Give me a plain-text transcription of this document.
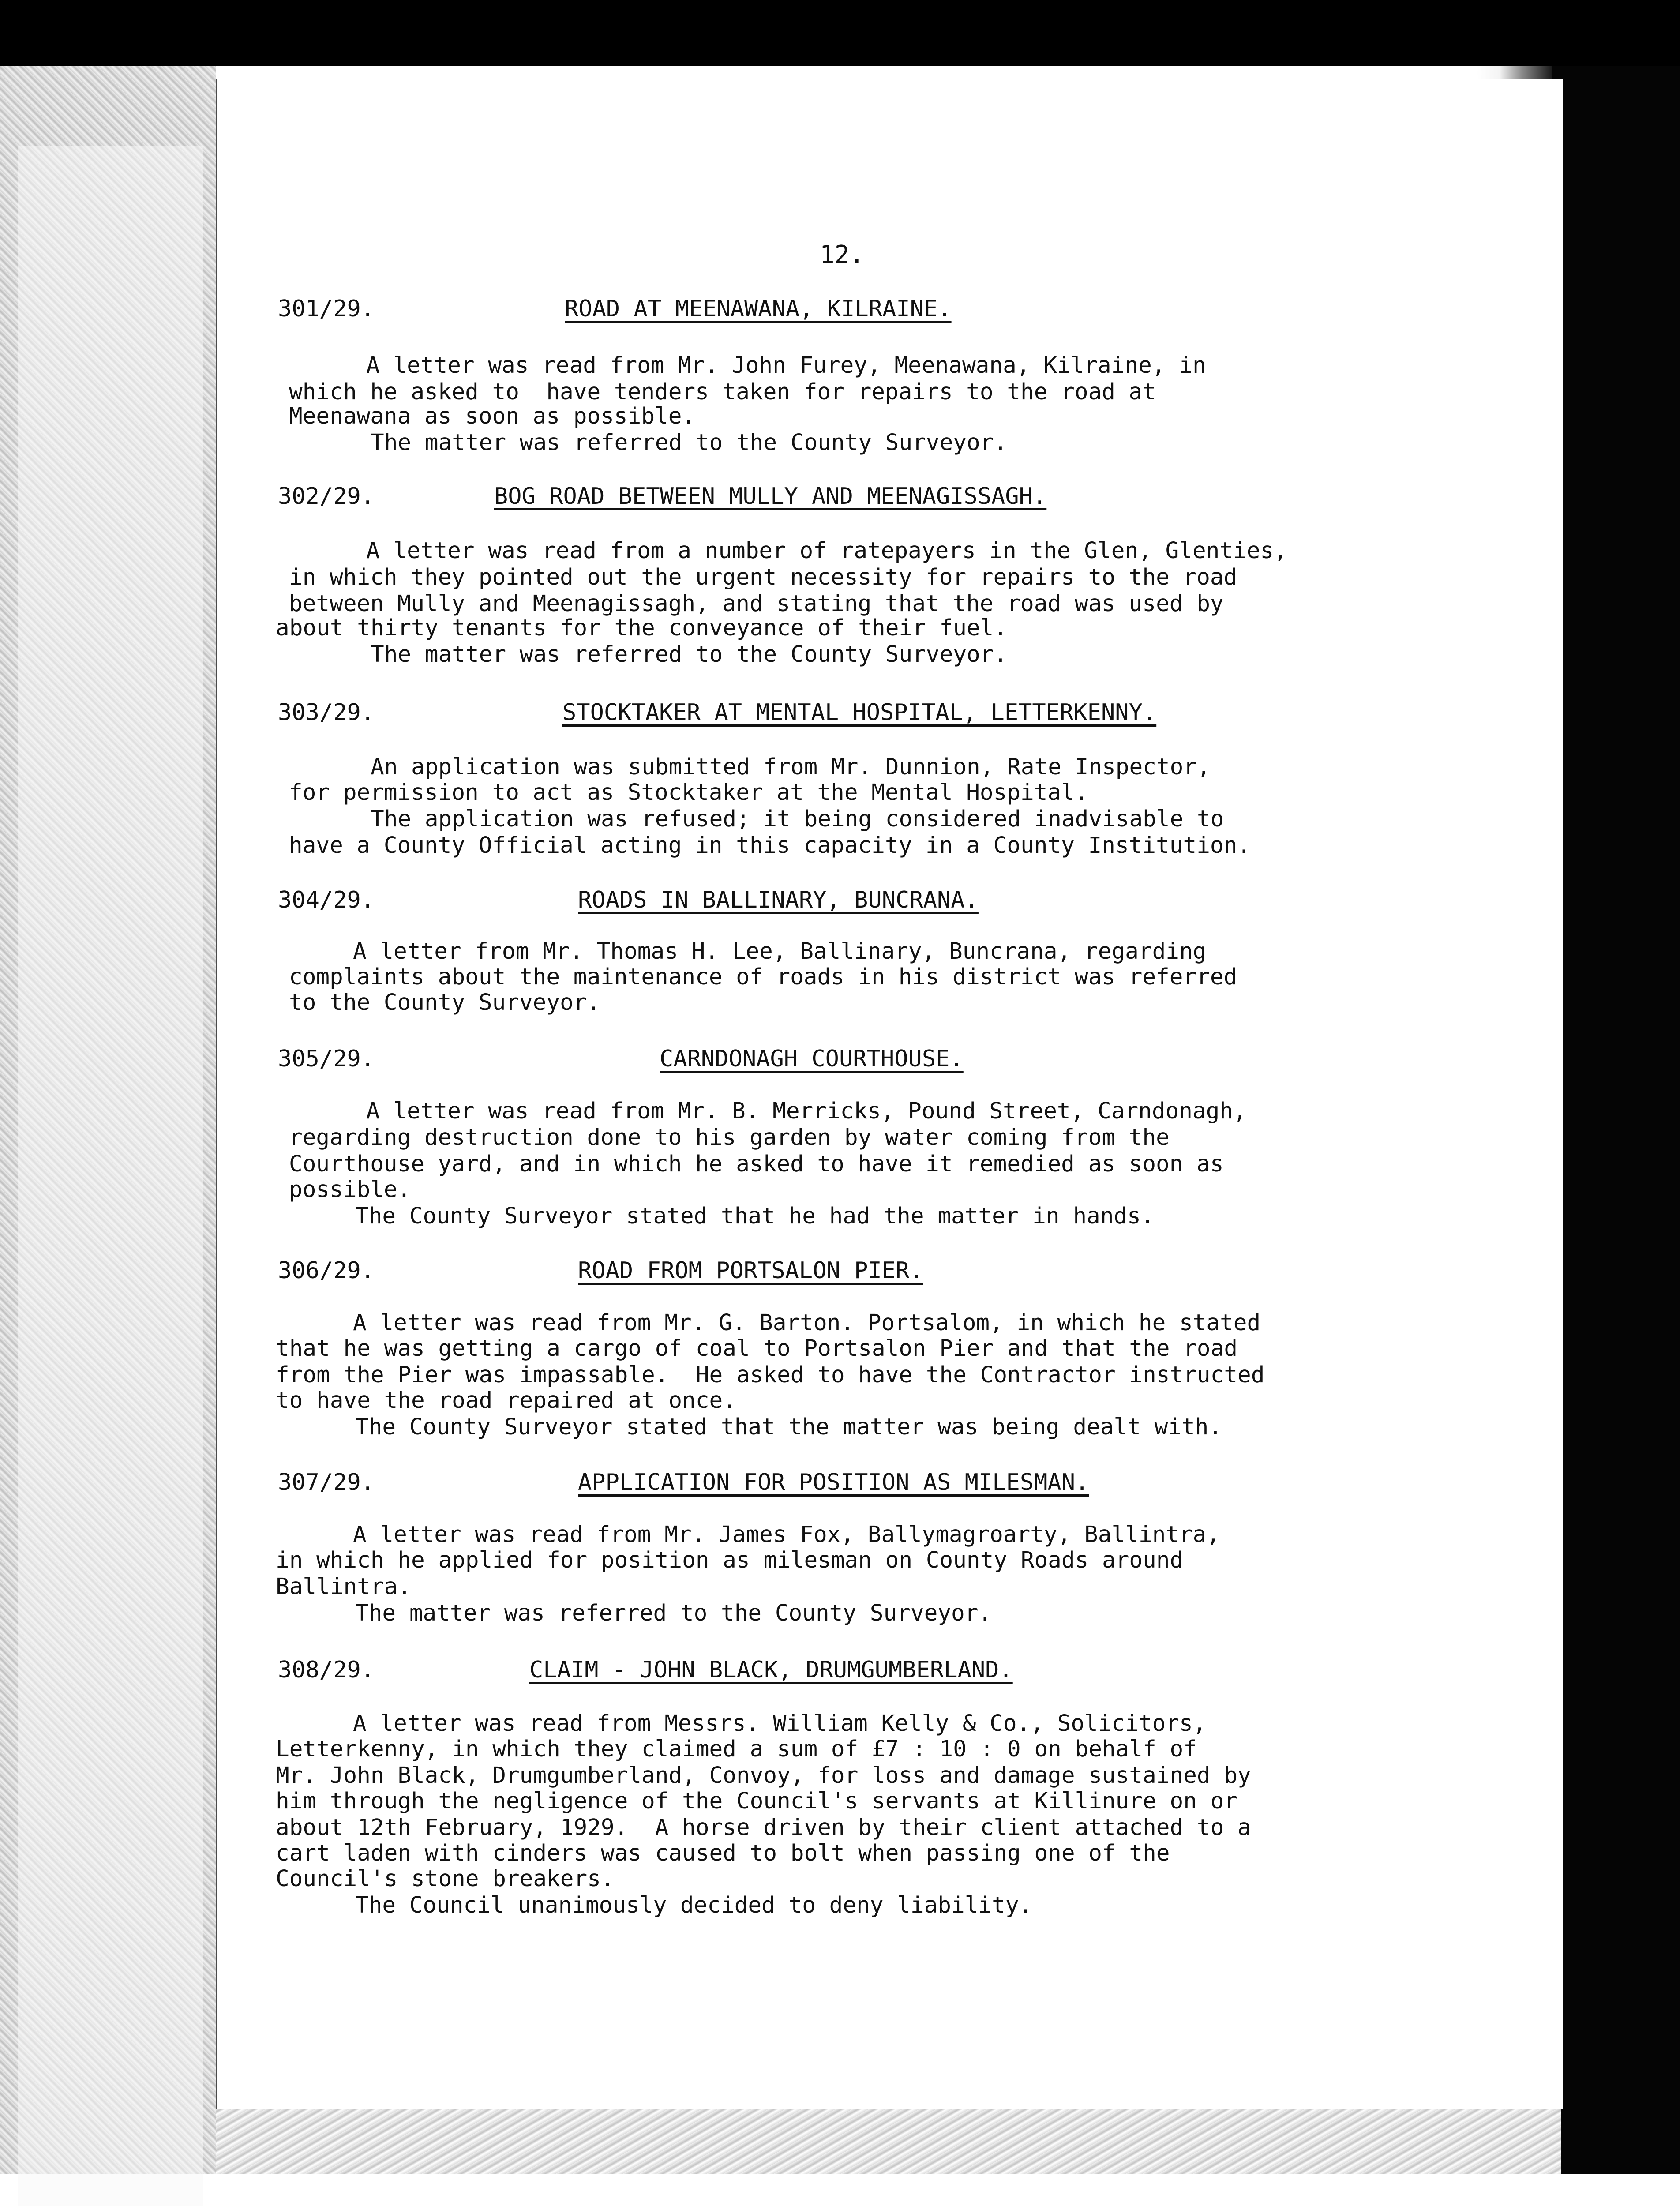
12.
301/29.	ROAD AT MEENAWANA, KILRAINE.
A letter was read from Mr. John Furey, Meenawana, Kilraine, in
which he asked to  have tenders taken for repairs to the road at
Meenawana as soon as possible.
The matter was referred to the County Surveyor.
302/29.	BOG ROAD BETWEEN MULLY AND MEENAGISSAGH.
A letter was read from a number of ratepayers in the Glen, Glenties,
in which they pointed out the urgent necessity for repairs to the road
between Mully and Meenagissagh, and stating that the road was used by
about thirty tenants for the conveyance of their fuel.
The matter was referred to the County Surveyor.
303/29.	STOCKTAKER AT MENTAL HOSPITAL, LETTERKENNY.
An application was submitted from Mr. Dunnion, Rate Inspector,
for permission to act as Stocktaker at the Mental Hospital.
The application was refused; it being considered inadvisable to
have a County Official acting in this capacity in a County Institution.
304/29.	ROADS IN BALLINARY, BUNCRANA.
A letter from Mr. Thomas H. Lee, Ballinary, Buncrana, regarding
complaints about the maintenance of roads in his district was referred
to the County Surveyor.
305/29.	CARNDONAGH COURTHOUSE.
A letter was read from Mr. B. Merricks, Pound Street, Carndonagh,
regarding destruction done to his garden by water coming from the
Courthouse yard, and in which he asked to have it remedied as soon as
possible.
The County Surveyor stated that he had the matter in hands.
306/29.	ROAD FROM PORTSALON PIER.
A letter was read from Mr. G. Barton. Portsalom, in which he stated
that he was getting a cargo of coal to Portsalon Pier and that the road
from the Pier was impassable.  He asked to have the Contractor instructed
to have the road repaired at once.
The County Surveyor stated that the matter was being dealt with.
307/29.	APPLICATION FOR POSITION AS MILESMAN.
A letter was read from Mr. James Fox, Ballymagroarty, Ballintra,
in which he applied for position as milesman on County Roads around
Ballintra.
The matter was referred to the County Surveyor.
308/29.	CLAIM - JOHN BLACK, DRUMGUMBERLAND.
A letter was read from Messrs. William Kelly & Co., Solicitors,
Letterkenny, in which they claimed a sum of £7 : 10 : 0 on behalf of
Mr. John Black, Drumgumberland, Convoy, for loss and damage sustained by
him through the negligence of the Council's servants at Killinure on or
about 12th February, 1929.  A horse driven by their client attached to a
cart laden with cinders was caused to bolt when passing one of the
Council's stone breakers.
The Council unanimously decided to deny liability.
